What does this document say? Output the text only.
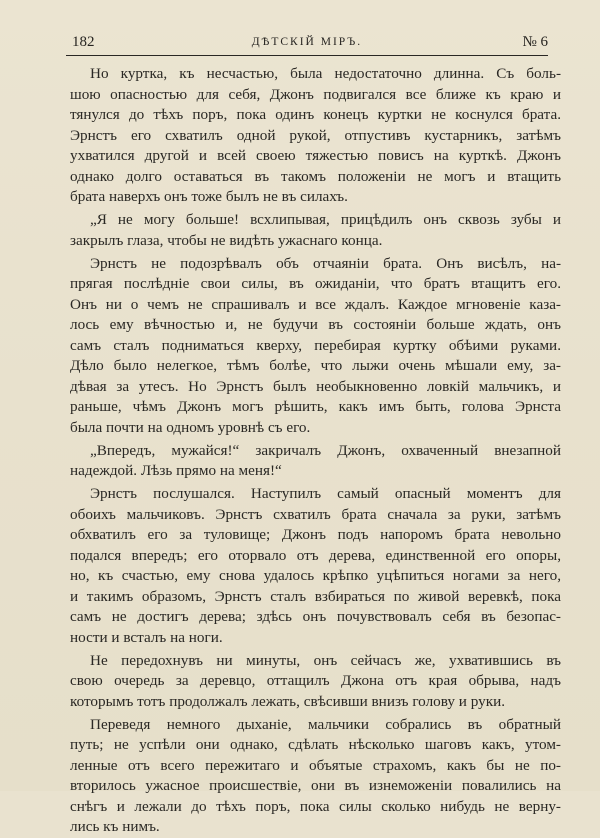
182	ДѢТСКІЙ МІРЪ.	№ 6
Но куртка, къ несчастью, была недостаточно длинна. Съ боль-
шою опасностью для себя, Джонъ подвигался все ближе къ краю и
тянулся до тѣхъ поръ, пока одинъ конецъ куртки не коснулся брата.
Эрнстъ его схватилъ одной рукой, отпустивъ кустарникъ, затѣмъ
ухватился другой и всей своею тяжестью повисъ на курткѣ. Джонъ
однако долго оставаться въ такомъ положеніи не могъ и втащить
брата наверхъ онъ тоже былъ не въ силахъ.
„Я не могу больше! всхлипывая, прицѣдилъ онъ сквозь зубы и
закрылъ глаза, чтобы не видѣть ужаснаго конца.
Эрнстъ не подозрѣвалъ объ отчаяніи брата. Онъ висѣлъ, на-
прягая послѣдніе свои силы, въ ожиданіи, что братъ втащитъ его.
Онъ ни о чемъ не спрашивалъ и все ждалъ. Каждое мгновеніе каза-
лось ему вѣчностью и, не будучи въ состояніи больше ждать, онъ
самъ сталъ подниматься кверху, перебирая куртку обѣими руками.
Дѣло было нелегкое, тѣмъ болѣе, что лыжи очень мѣшали ему, за-
дѣвая за утесъ. Но Эрнстъ былъ необыкновенно ловкій мальчикъ, и
раньше, чѣмъ Джонъ могъ рѣшить, какъ имъ быть, голова Эрнста
была почти на одномъ уровнѣ съ его.
„Впередъ, мужайся!“ закричалъ Джонъ, охваченный внезапной
надеждой. Лѣзь прямо на меня!“
Эрнстъ послушался. Наступилъ самый опасный моментъ для
обоихъ мальчиковъ. Эрнстъ схватилъ брата сначала за руки, затѣмъ
обхватилъ его за туловище; Джонъ подъ напоромъ брата невольно
подался впередъ; его оторвало отъ дерева, единственной его опоры,
но, къ счастью, ему снова удалось крѣпко уцѣпиться ногами за него,
и такимъ образомъ, Эрнстъ сталъ взбираться по живой веревкѣ, пока
самъ не достигъ дерева; здѣсь онъ почувствовалъ себя въ безопас-
ности и всталъ на ноги.
Не передохнувъ ни минуты, онъ сейчасъ же, ухватившись въ
свою очередь за деревцо, оттащилъ Джона отъ края обрыва, надъ
которымъ тотъ продолжалъ лежать, свѣсивши внизъ голову и руки.
Переведя немного дыханіе, мальчики собрались въ обратный
путь; не успѣли они однако, сдѣлать нѣсколько шаговъ какъ, утом-
ленные отъ всего пережитаго и объятые страхомъ, какъ бы не по-
вторилось ужасное происшествіе, они въ изнеможеніи повалились на
снѣгъ и лежали до тѣхъ поръ, пока силы сколько нибудь не верну-
лись къ нимъ.
